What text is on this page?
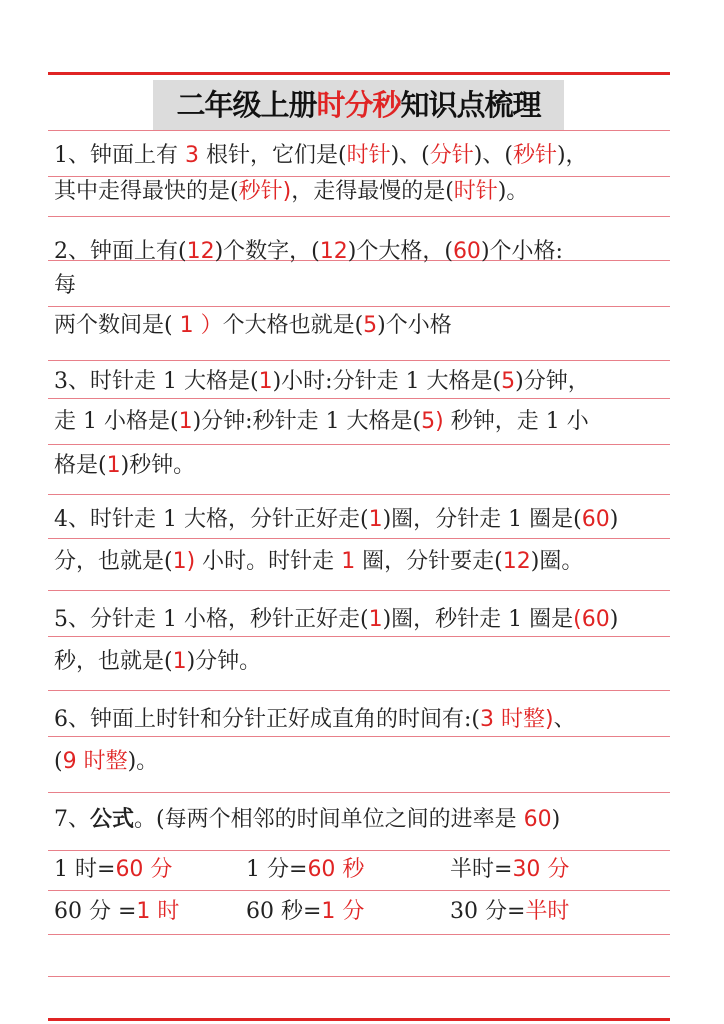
二年级上册时分秒知识点梳理
1、钟面上有 3 根针，它们是(时针)、(分针)、(秒针)，
其中走得最快的是(秒针)，走得最慢的是(时针)。
2、钟面上有(12)个数字，(12)个大格，(60)个小格:
每
两个数间是( 1 ）个大格也就是(5)个小格
3、时针走 1 大格是(1)小时:分针走 1 大格是(5)分钟，
走 1 小格是(1)分钟:秒针走 1 大格是(5) 秒钟，走 1 小
格是(1)秒钟。
4、时针走 1 大格，分针正好走(1)圈，分针走 1 圈是(60)
分，也就是(1) 小时。时针走 1 圈，分针要走(12)圈。
5、分针走 1 小格，秒针正好走(1)圈，秒针走 1 圈是(60)
秒，也就是(1)分钟。
6、钟面上时针和分针正好成直角的时间有:(3 时整)、
(9 时整)。
7、公式。(每两个相邻的时间单位之间的进率是 60)
1 时=60 分	1 分=60 秒	半时=30 分
60 分 =1 时	60 秒=1 分	30 分=半时
